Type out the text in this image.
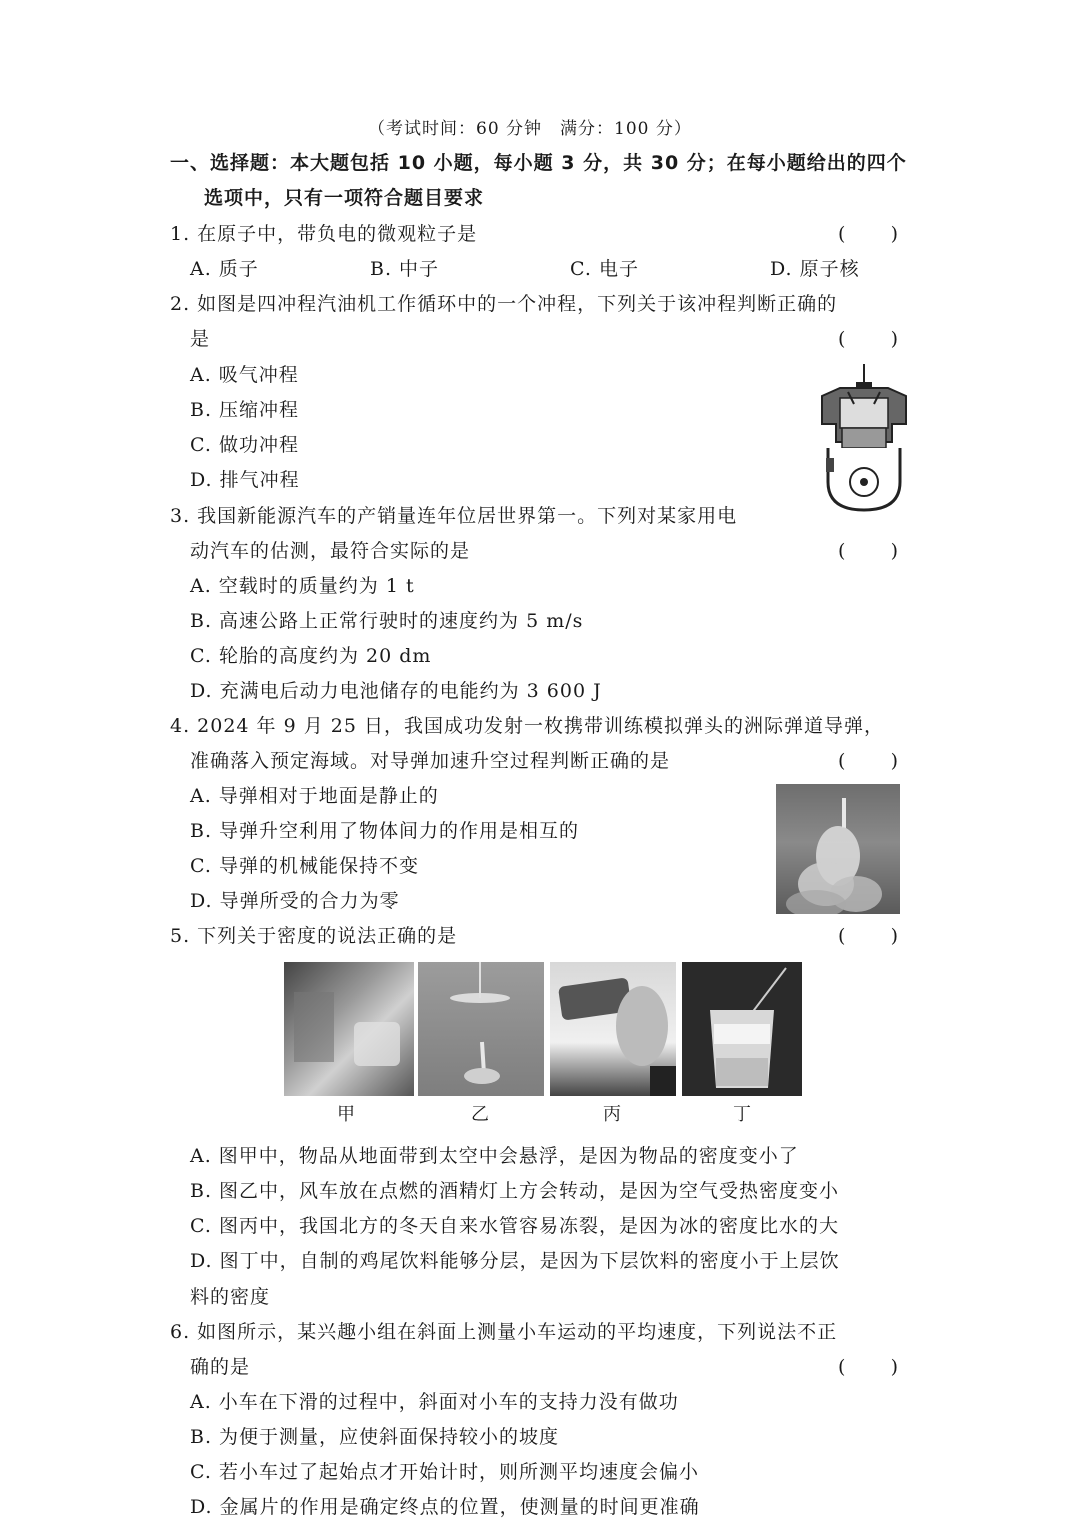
（考试时间：60 分钟　满分：100 分）
一、选择题：本大题包括 10 小题，每小题 3 分，共 30 分；在每小题给出的四个
选项中，只有一项符合题目要求
1. 在原子中，带负电的微观粒子是	( )
A. 质子	B. 中子	C. 电子	D. 原子核
2. 如图是四冲程汽油机工作循环中的一个冲程，下列关于该冲程判断正确的
是	( )
A. 吸气冲程
B. 压缩冲程
C. 做功冲程
D. 排气冲程
3. 我国新能源汽车的产销量连年位居世界第一。下列对某家用电
动汽车的估测，最符合实际的是	( )
A. 空载时的质量约为 1 t
B. 高速公路上正常行驶时的速度约为 5 m/s
C. 轮胎的高度约为 20 dm
D. 充满电后动力电池储存的电能约为 3 600 J
4. 2024 年 9 月 25 日，我国成功发射一枚携带训练模拟弹头的洲际弹道导弹，
准确落入预定海域。对导弹加速升空过程判断正确的是	( )
A. 导弹相对于地面是静止的
B. 导弹升空利用了物体间力的作用是相互的
C. 导弹的机械能保持不变
D. 导弹所受的合力为零
5. 下列关于密度的说法正确的是	( )
甲	乙	丙	丁
A. 图甲中，物品从地面带到太空中会悬浮，是因为物品的密度变小了
B. 图乙中，风车放在点燃的酒精灯上方会转动，是因为空气受热密度变小
C. 图丙中，我国北方的冬天自来水管容易冻裂，是因为冰的密度比水的大
D. 图丁中，自制的鸡尾饮料能够分层，是因为下层饮料的密度小于上层饮
料的密度
6. 如图所示，某兴趣小组在斜面上测量小车运动的平均速度，下列说法不正
确的是	( )
A. 小车在下滑的过程中，斜面对小车的支持力没有做功
B. 为便于测量，应使斜面保持较小的坡度
C. 若小车过了起始点才开始计时，则所测平均速度会偏小
D. 金属片的作用是确定终点的位置，使测量的时间更准确
